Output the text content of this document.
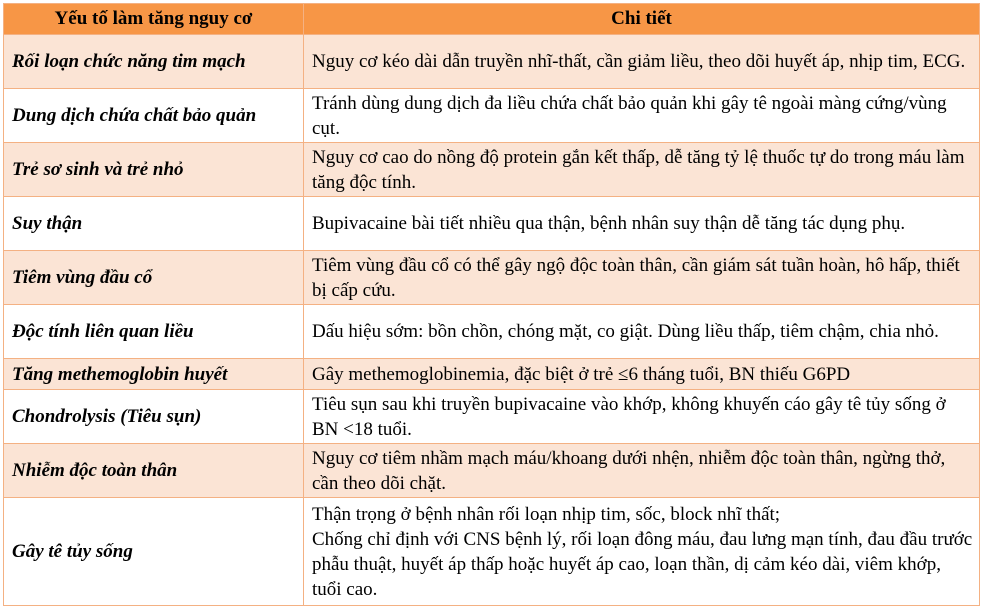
Yếu tố làm tăng nguy cơ	Chi tiết
Rối loạn chức năng tim mạch	Nguy cơ kéo dài dẫn truyền nhĩ-thất, cần giảm liều, theo dõi huyết áp, nhịp tim, ECG.

Dung dịch chứa chất bảo quản	Tránh dùng dung dịch đa liều chứa chất bảo quản khi gây tê ngoài màng cứng/vùng cụt.

Trẻ sơ sinh và trẻ nhỏ	Nguy cơ cao do nồng độ protein gắn kết thấp, dễ tăng tỷ lệ thuốc tự do trong máu làm tăng độc tính.

Suy thận	Bupivacaine bài tiết nhiều qua thận, bệnh nhân suy thận dễ tăng tác dụng phụ.

Tiêm vùng đầu cổ	Tiêm vùng đầu cổ có thể gây ngộ độc toàn thân, cần giám sát tuần hoàn, hô hấp, thiết bị cấp cứu.

Độc tính liên quan liều	Dấu hiệu sớm: bồn chồn, chóng mặt, co giật. Dùng liều thấp, tiêm chậm, chia nhỏ.

Tăng methemoglobin huyết	Gây methemoglobinemia, đặc biệt ở trẻ ≤6 tháng tuổi, BN thiếu G6PD

Chondrolysis (Tiêu sụn)	Tiêu sụn sau khi truyền bupivacaine vào khớp, không khuyến cáo gây tê tủy sống ở BN <18 tuổi.

Nhiễm độc toàn thân	Nguy cơ tiêm nhầm mạch máu/khoang dưới nhện, nhiễm độc toàn thân, ngừng thở, cần theo dõi chặt.

Gây tê tủy sống	Thận trọng ở bệnh nhân rối loạn nhịp tim, sốc, block nhĩ thất;
Chống chỉ định với CNS bệnh lý, rối loạn đông máu, đau lưng mạn tính, đau đầu trước phẫu thuật, huyết áp thấp hoặc huyết áp cao, loạn thần, dị cảm kéo dài, viêm khớp, tuổi cao.
